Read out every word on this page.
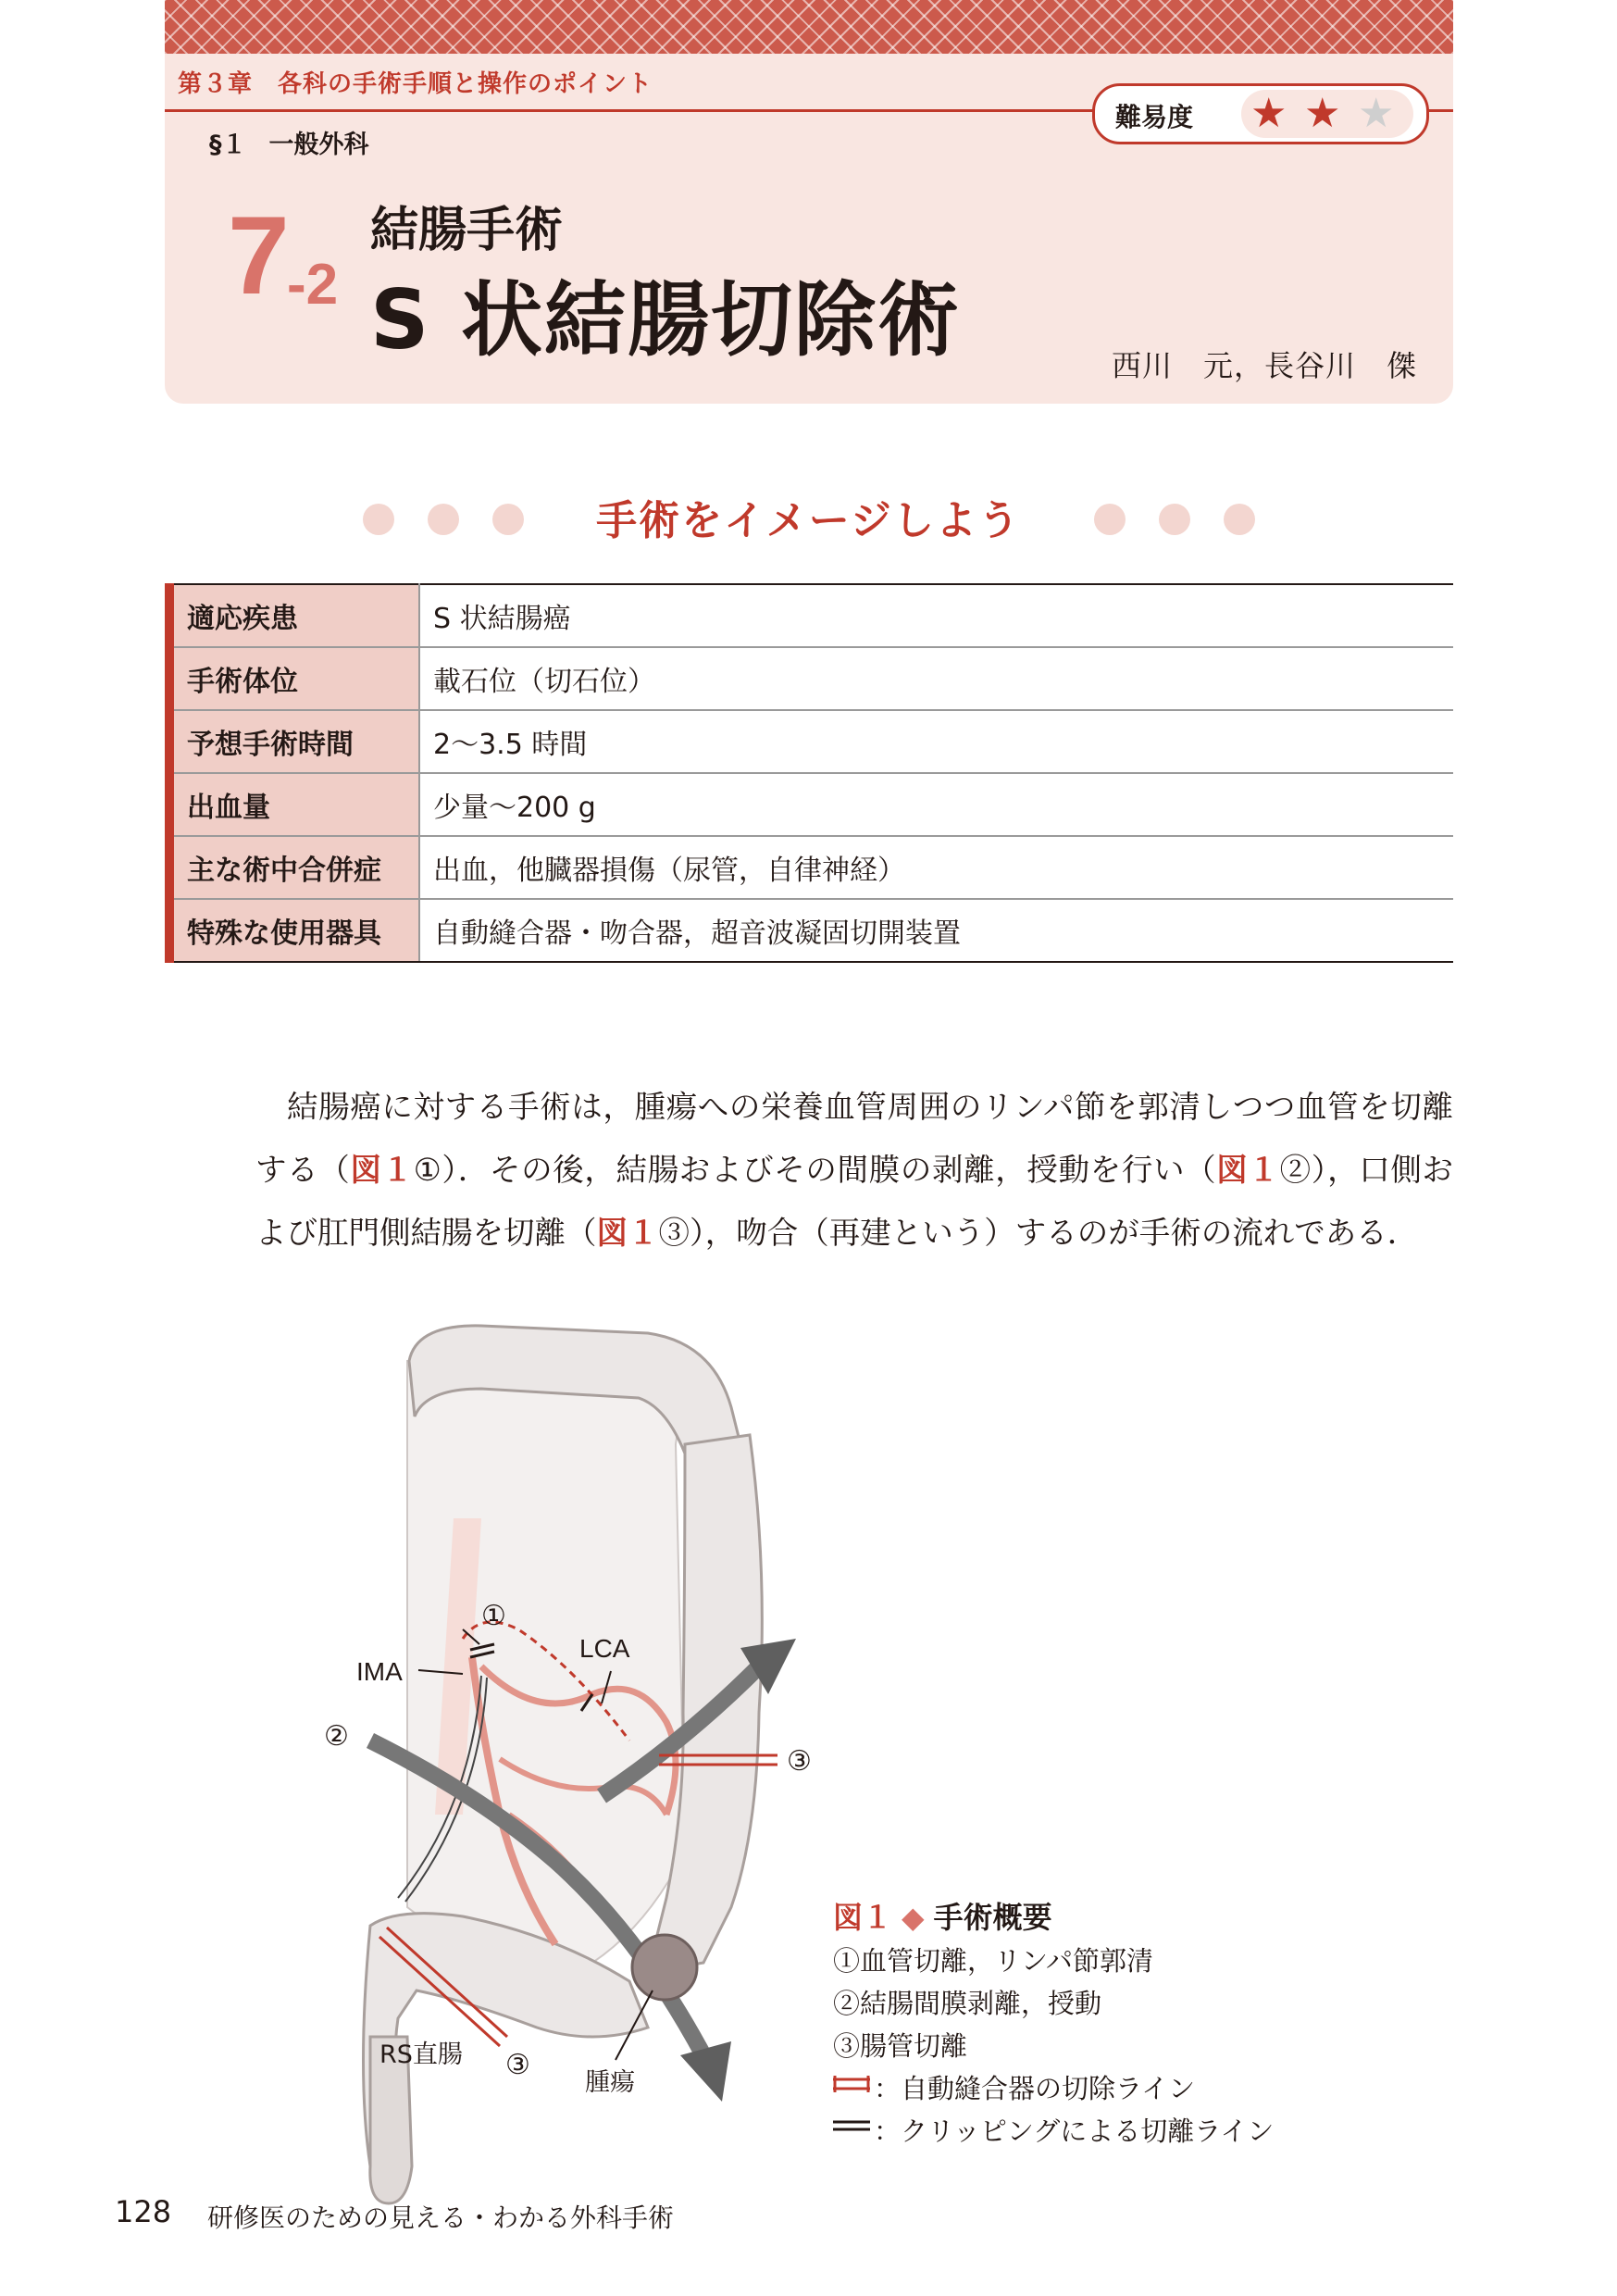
第３章　各科の手術手順と操作のポイント
§１ 一般外科
難易度 ★ ★ ★
7
-2
結腸手術
S 状結腸切除術	西川　元，長谷川　傑
手術をイメージしよう
適応疾患	S 状結腸癌
手術体位	載石位（切石位）
予想手術時間	2～3.5 時間
出血量	少量～200 g
主な術中合併症	出血，他臓器損傷（尿管，自律神経）
特殊な使用器具	自動縫合器・吻合器，超音波凝固切開装置

結腸癌に対する手術は，腫瘍への栄養血管周囲のリンパ節を郭清しつつ血管を切離する（図１①）．その後，結腸およびその間膜の剥離，授動を行い（図１②），口側および肛門側結腸を切離（図１③），吻合（再建という）するのが手術の流れである．

IMA
LCA
①
②
③
③
RS直腸
腫瘍
図１ ◆ 手術概要
①血管切離，リンパ節郭清
②結腸間膜剥離，授動
③腸管切離
：自動縫合器の切除ライン
：クリッピングによる切離ライン
128 研修医のための見える・わかる外科手術
